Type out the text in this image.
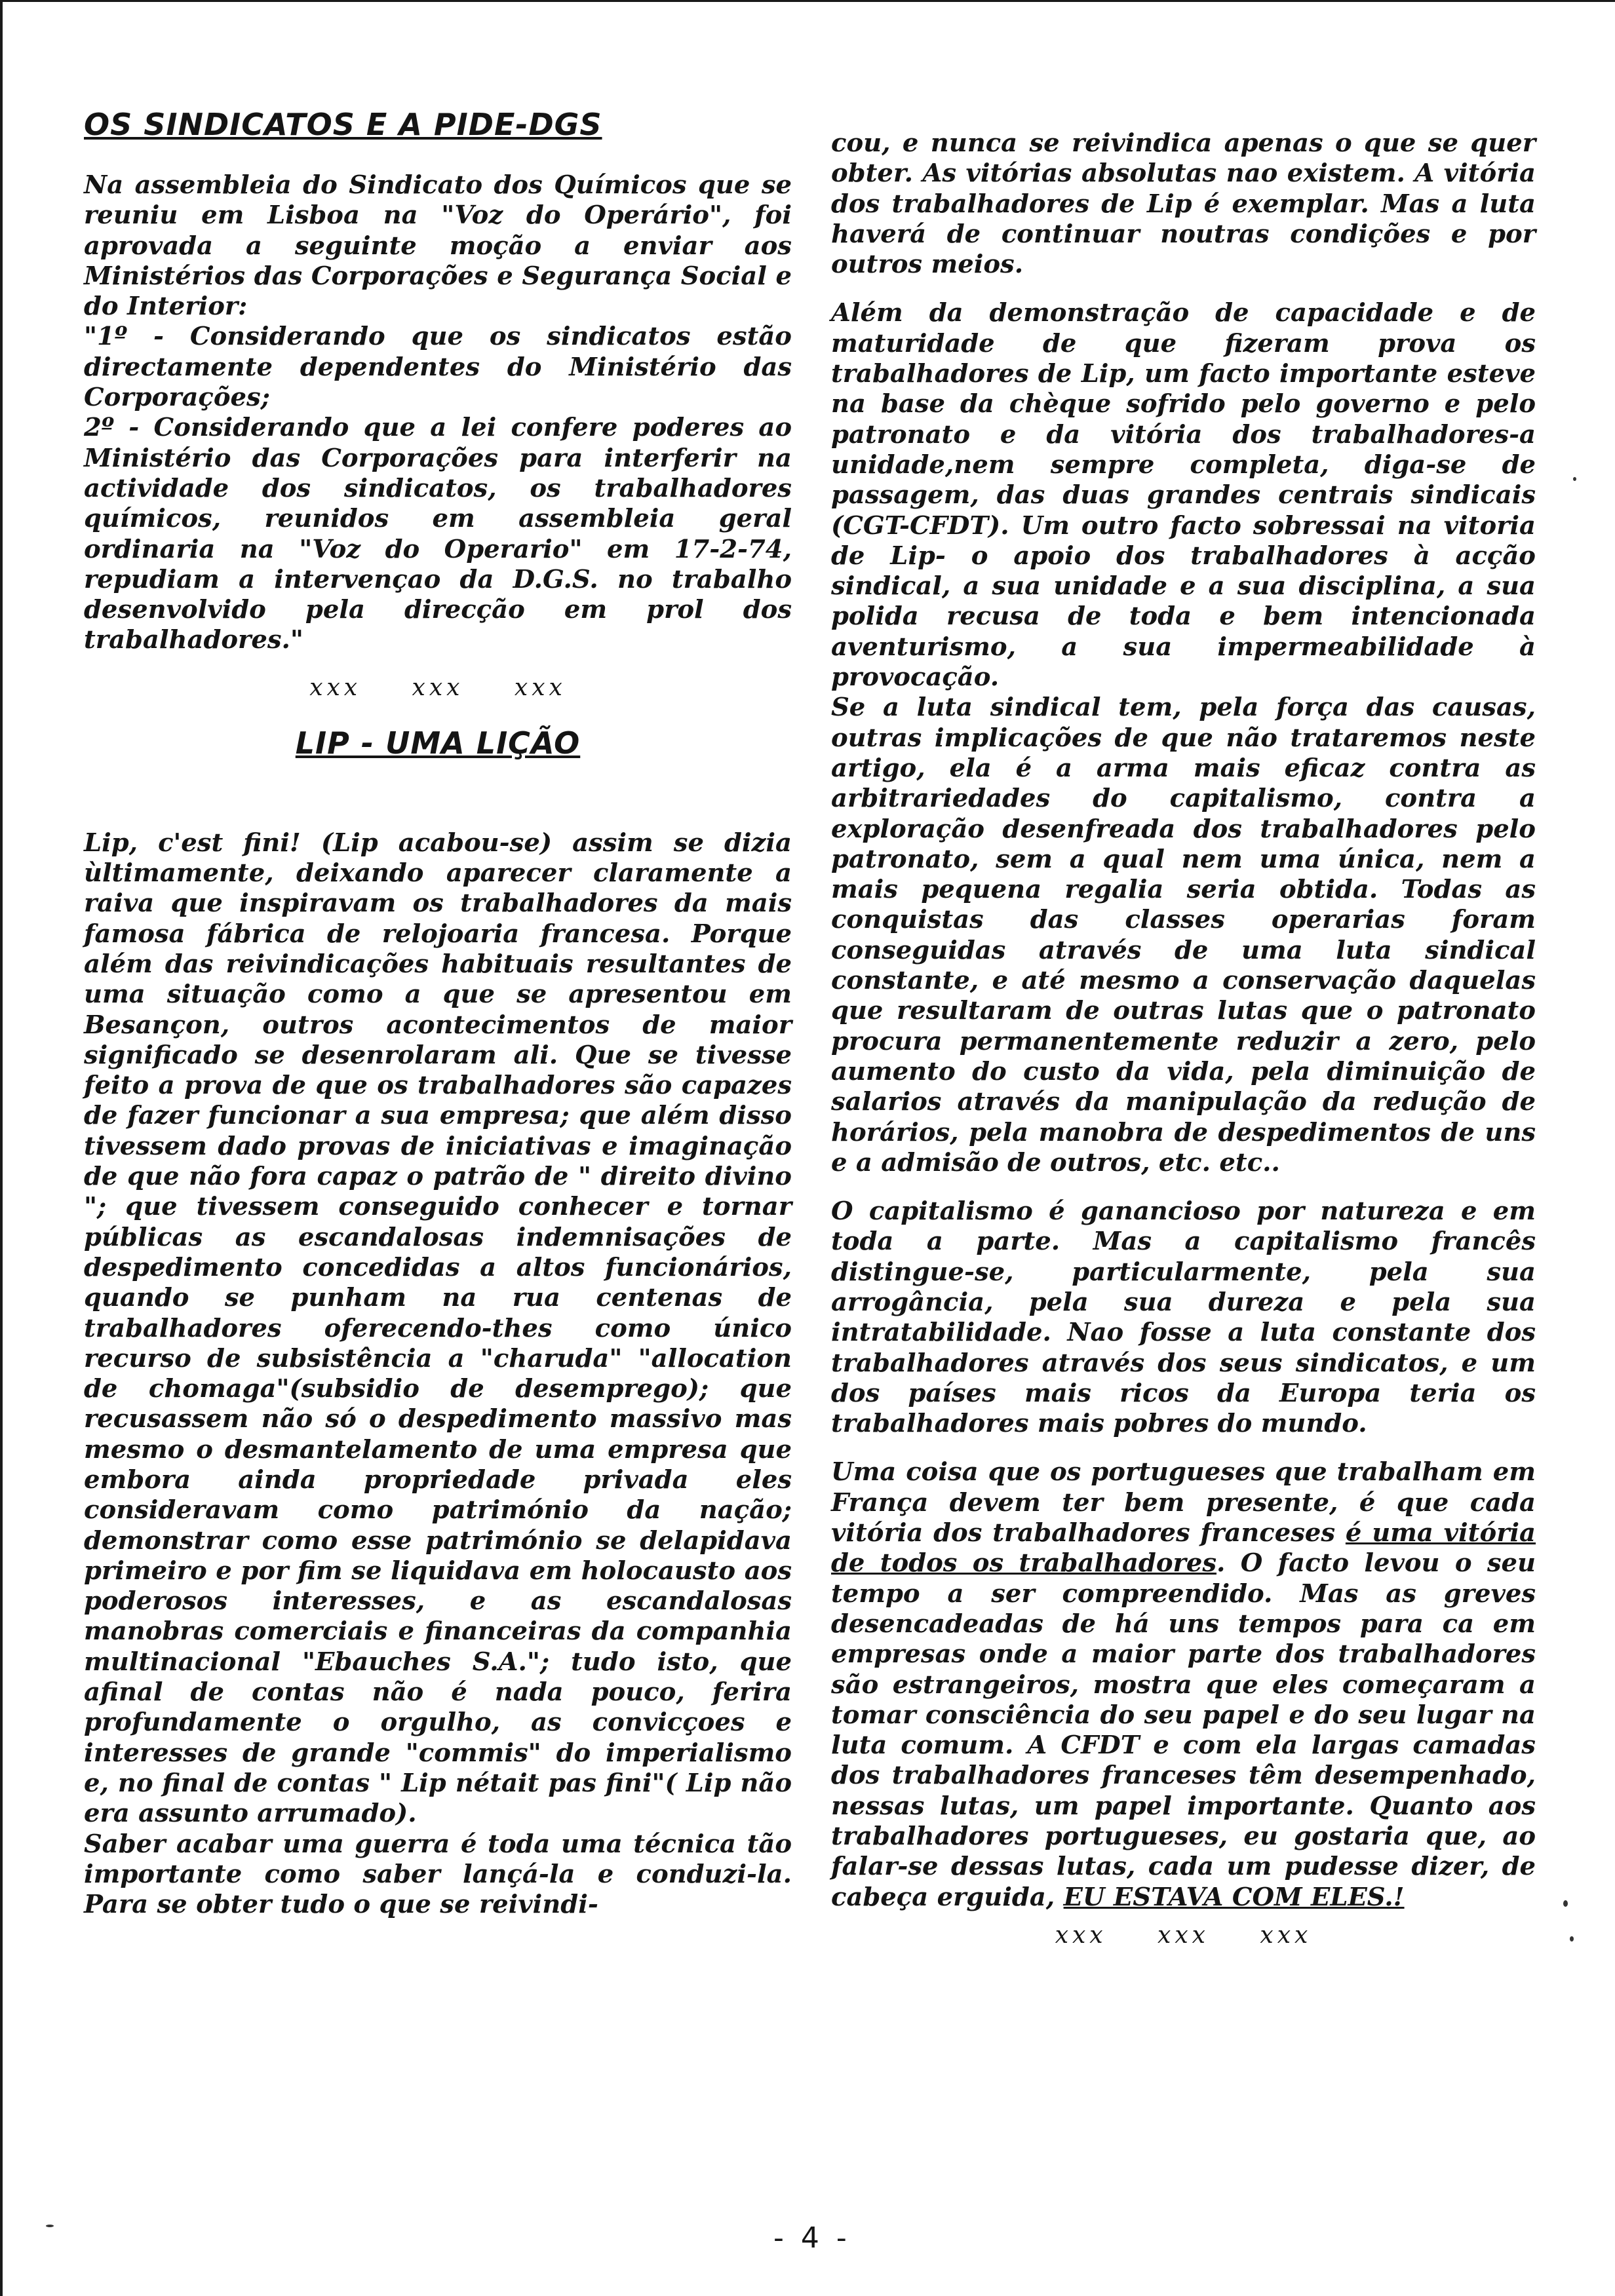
OS SINDICATOS E A PIDE-DGS

Na assembleia do Sindicato dos Químicos que se reuniu em Lisboa na "Voz do Operário", foi aprovada a seguinte moção a enviar aos Ministérios das Corporações e Segurança Social e do Interior:

"1º - Considerando que os sindicatos estão directamente dependentes do Ministério das Corporações;

2º - Considerando que a lei confere poderes ao Ministério das Corporações para interferir na actividade dos sindicatos, os trabalhadores químicos, reunidos em assembleia geral ordinaria na "Voz do Operario" em 17-2-74, repudiam a intervençao da D.G.S. no trabalho desenvolvido pela direcção em prol dos trabalhadores."

xxx xxx xxx
LIP - UMA LIÇÃO

Lip, c'est fini! (Lip acabou-se) assim se dizia ùltimamente, deixando aparecer claramente a raiva que inspiravam os trabalhadores da mais famosa fábrica de relojoaria francesa. Porque além das reivindicações habituais resultantes de uma situação como a que se apresentou em Besançon, outros acontecimentos de maior significado se desenrolaram ali. Que se tivesse feito a prova de que os trabalhadores são capazes de fazer funcionar a sua empresa; que além disso tivessem dado provas de iniciativas e imaginação de que não fora capaz o patrão de " direito divino "; que tivessem conseguido conhecer e tornar públicas as escandalosas indemnisações de despedimento concedidas a altos funcionários, quando se punham na rua centenas de trabalhadores oferecendo-thes como único recurso de subsistência a "charuda" "allocation de chomaga"(subsidio de desemprego); que recusassem não só o despedimento massivo mas mesmo o desmantelamento de uma empresa que embora ainda propriedade privada eles consideravam como património da nação; demonstrar como esse património se delapidava primeiro e por fim se liquidava em holocausto aos poderosos interesses, e as escandalosas manobras comerciais e financeiras da companhia multinacional "Ebauches S.A."; tudo isto, que afinal de contas não é nada pouco, ferira profundamente o orgulho, as convicçoes e interesses de grande "commis" do imperialismo e, no final de contas " Lip nétait pas fini"( Lip não era assunto arrumado).

Saber acabar uma guerra é toda uma técnica tão importante como saber lançá-la e conduzi-la. Para se obter tudo o que se reivindi-

cou, e nunca se reivindica apenas o que se quer obter. As vitórias absolutas nao existem. A vitória dos trabalhadores de Lip é exemplar. Mas a luta haverá de continuar noutras condições e por outros meios.

Além da demonstração de capacidade e de maturidade de que fizeram prova os trabalhadores de Lip, um facto importante esteve na base da chèque sofrido pelo governo e pelo patronato e da vitória dos trabalhadores-a unidade,nem sempre completa, diga-se de passagem, das duas grandes centrais sindicais (CGT-CFDT). Um outro facto sobressai na vitoria de Lip- o apoio dos trabalhadores à acção sindical, a sua unidade e a sua disciplina, a sua polida recusa de toda e bem intencionada aventurismo, a sua impermeabilidade à provocação.

Se a luta sindical tem, pela força das causas, outras implicações de que não trataremos neste artigo, ela é a arma mais eficaz contra as arbitrariedades do capitalismo, contra a exploração desenfreada dos trabalhadores pelo patronato, sem a qual nem uma única, nem a mais pequena regalia seria obtida. Todas as conquistas das classes operarias foram conseguidas através de uma luta sindical constante, e até mesmo a conservação daquelas que resultaram de outras lutas que o patronato procura permanentemente reduzir a zero, pelo aumento do custo da vida, pela diminuição de salarios através da manipulação da redução de horários, pela manobra de despedimentos de uns e a admisão de outros, etc. etc..

O capitalismo é ganancioso por natureza e em toda a parte. Mas a capitalismo francês distingue-se, particularmente, pela sua arrogância, pela sua dureza e pela sua intratabilidade. Nao fosse a luta constante dos trabalhadores através dos seus sindicatos, e um dos países mais ricos da Europa teria os trabalhadores mais pobres do mundo.

Uma coisa que os portugueses que trabalham em França devem ter bem presente, é que cada vitória dos trabalhadores franceses é uma vitória de todos os trabalhadores. O facto levou o seu tempo a ser compreendido. Mas as greves desencadeadas de há uns tempos para ca em empresas onde a maior parte dos trabalhadores são estrangeiros, mostra que eles começaram a tomar consciência do seu papel e do seu lugar na luta comum. A CFDT e com ela largas camadas dos trabalhadores franceses têm desempenhado, nessas lutas, um papel importante. Quanto aos trabalhadores portugueses, eu gostaria que, ao falar-se dessas lutas, cada um pudesse dizer, de cabeça erguida, EU ESTAVA COM ELES.!

xxx xxx xxx
- 4 -
